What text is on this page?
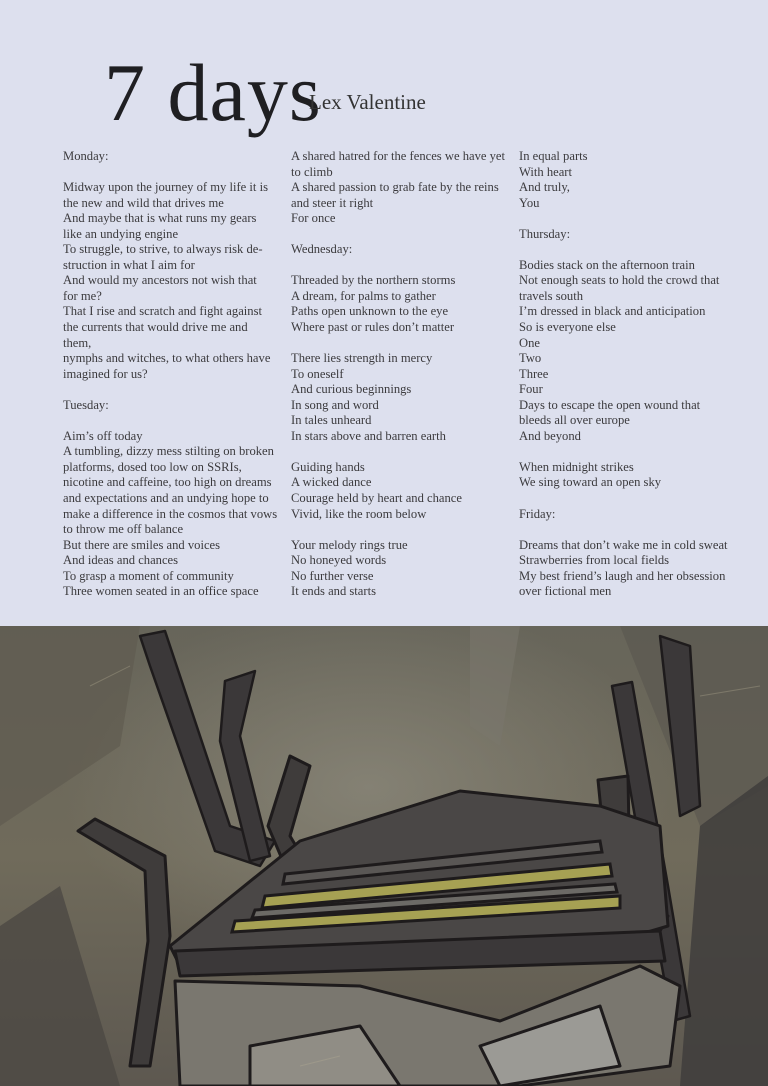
7 days
Lex Valentine
Monday:
Midway upon the journey of my life it is
the new and wild that drives me
And maybe that is what runs my gears
like an undying engine
To struggle, to strive, to always risk de-
struction in what I aim for
And would my ancestors not wish that
for me?
That I rise and scratch and fight against
the currents that would drive me and
them,
nymphs and witches, to what others have
imagined for us?
Tuesday:
Aim’s off today
A tumbling, dizzy mess stilting on broken
platforms, dosed too low on SSRIs,
nicotine and caffeine, too high on dreams
and expectations and an undying hope to
make a difference in the cosmos that vows
to throw me off balance
But there are smiles and voices
And ideas and chances
To grasp a moment of community
Three women seated in an office space
A shared hatred for the fences we have yet
to climb
A shared passion to grab fate by the reins
and steer it right
For once
Wednesday:
Threaded by the northern storms
A dream, for palms to gather
Paths open unknown to the eye
Where past or rules don’t matter
There lies strength in mercy
To oneself
And curious beginnings
In song and word
In tales unheard
In stars above and barren earth
Guiding hands
A wicked dance
Courage held by heart and chance
Vivid, like the room below
Your melody rings true
No honeyed words
No further verse
It ends and starts
In equal parts
With heart
And truly,
You
Thursday:
Bodies stack on the afternoon train
Not enough seats to hold the crowd that
travels south
I’m dressed in black and anticipation
So is everyone else
One
Two
Three
Four
Days to escape the open wound that
bleeds all over europe
And beyond
When midnight strikes
We sing toward an open sky
Friday:
Dreams that don’t wake me in cold sweat
Strawberries from local fields
My best friend’s laugh and her obsession
over fictional men
